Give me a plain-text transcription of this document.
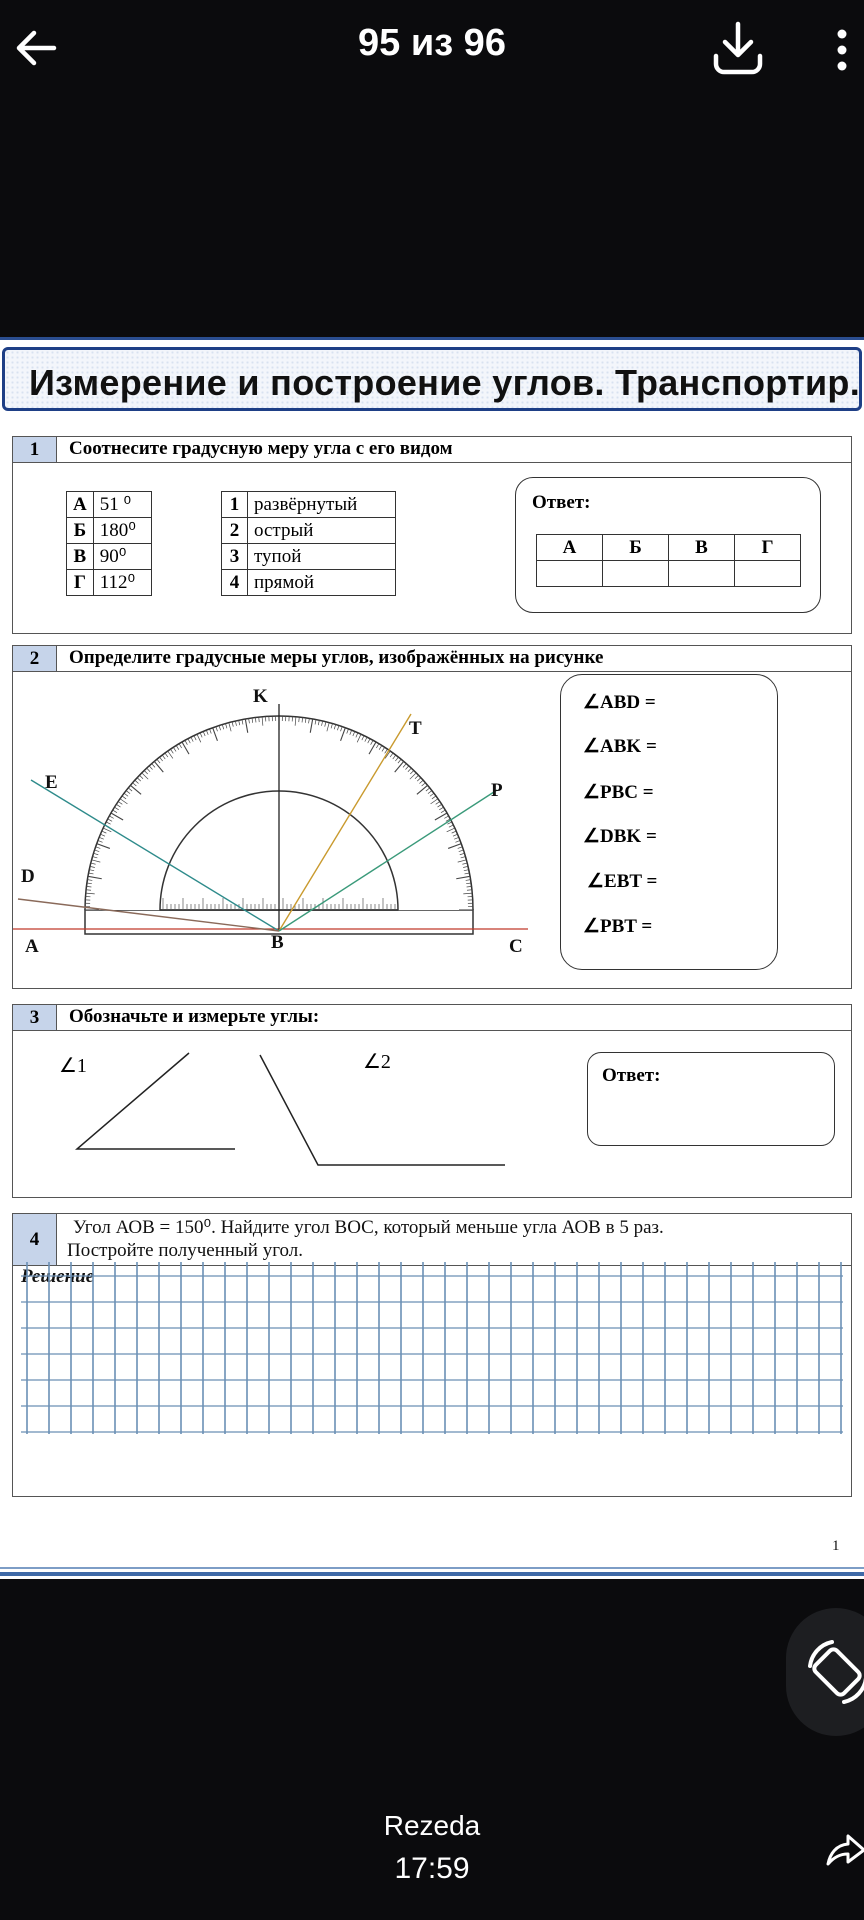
95 из 96
Измерение и построение углов. Транспортир.
1	Соотнесите градусную меру угла с его видом
А	51 ⁰
Б	180⁰
В	90⁰
Г	112⁰
1	развёрнутый
2	острый
3	тупой
4	прямой
Ответ:
А	Б	В	Г

2	Определите градусные меры углов, изображённых на рисунке
K
T
E	P
D
A	B	C
∠ABD =
∠ABK =
∠PBC =
∠DBK =
∠EBT =
∠PBT =
3	Обозначьте и измерьте углы:
∠1	∠2
Ответ:
4
Угол АОВ = 150⁰. Найдите угол ВОС, который меньше угла АОВ в 5 раз.
Постройте полученный угол.
Решение
1
Rezeda
17:59
